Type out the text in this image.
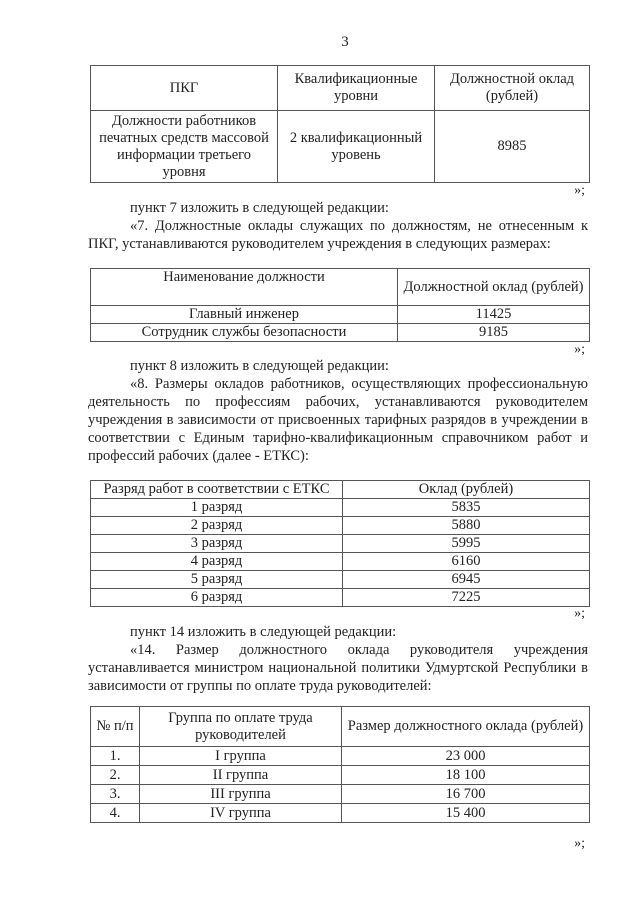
3
ПКГ	Квалификационные уровни	Должностной оклад (рублей)
Должности работников печатных средств массовой информации третьего уровня	2 квалификационный уровень	8985
»;
пункт 7 изложить в следующей редакции:
«7. Должностные оклады служащих по должностям, не отнесенным к ПКГ, устанавливаются руководителем учреждения в следующих размерах:
Наименование должности	Должностной оклад (рублей)
Главный инженер	11425
Сотрудник службы безопасности	9185
»;
пункт 8 изложить в следующей редакции:
«8. Размеры окладов работников, осуществляющих профессиональную деятельность по профессиям рабочих, устанавливаются руководителем учреждения в зависимости от присвоенных тарифных разрядов в учреждении в соответствии с Единым тарифно-квалификационным справочником работ и профессий рабочих (далее - ЕТКС):
Разряд работ в соответствии с ЕТКС	Оклад (рублей)
1 разряд	5835
2 разряд	5880
3 разряд	5995
4 разряд	6160
5 разряд	6945
6 разряд	7225
»;
пункт 14 изложить в следующей редакции:
«14. Размер должностного оклада руководителя учреждения устанавливается министром национальной политики Удмуртской Республики в зависимости от группы по оплате труда руководителей:
№ п/п	Группа по оплате труда руководителей	Размер должностного оклада (рублей)
1.	I группа	23 000
2.	II группа	18 100
3.	III группа	16 700
4.	IV группа	15 400
»;
